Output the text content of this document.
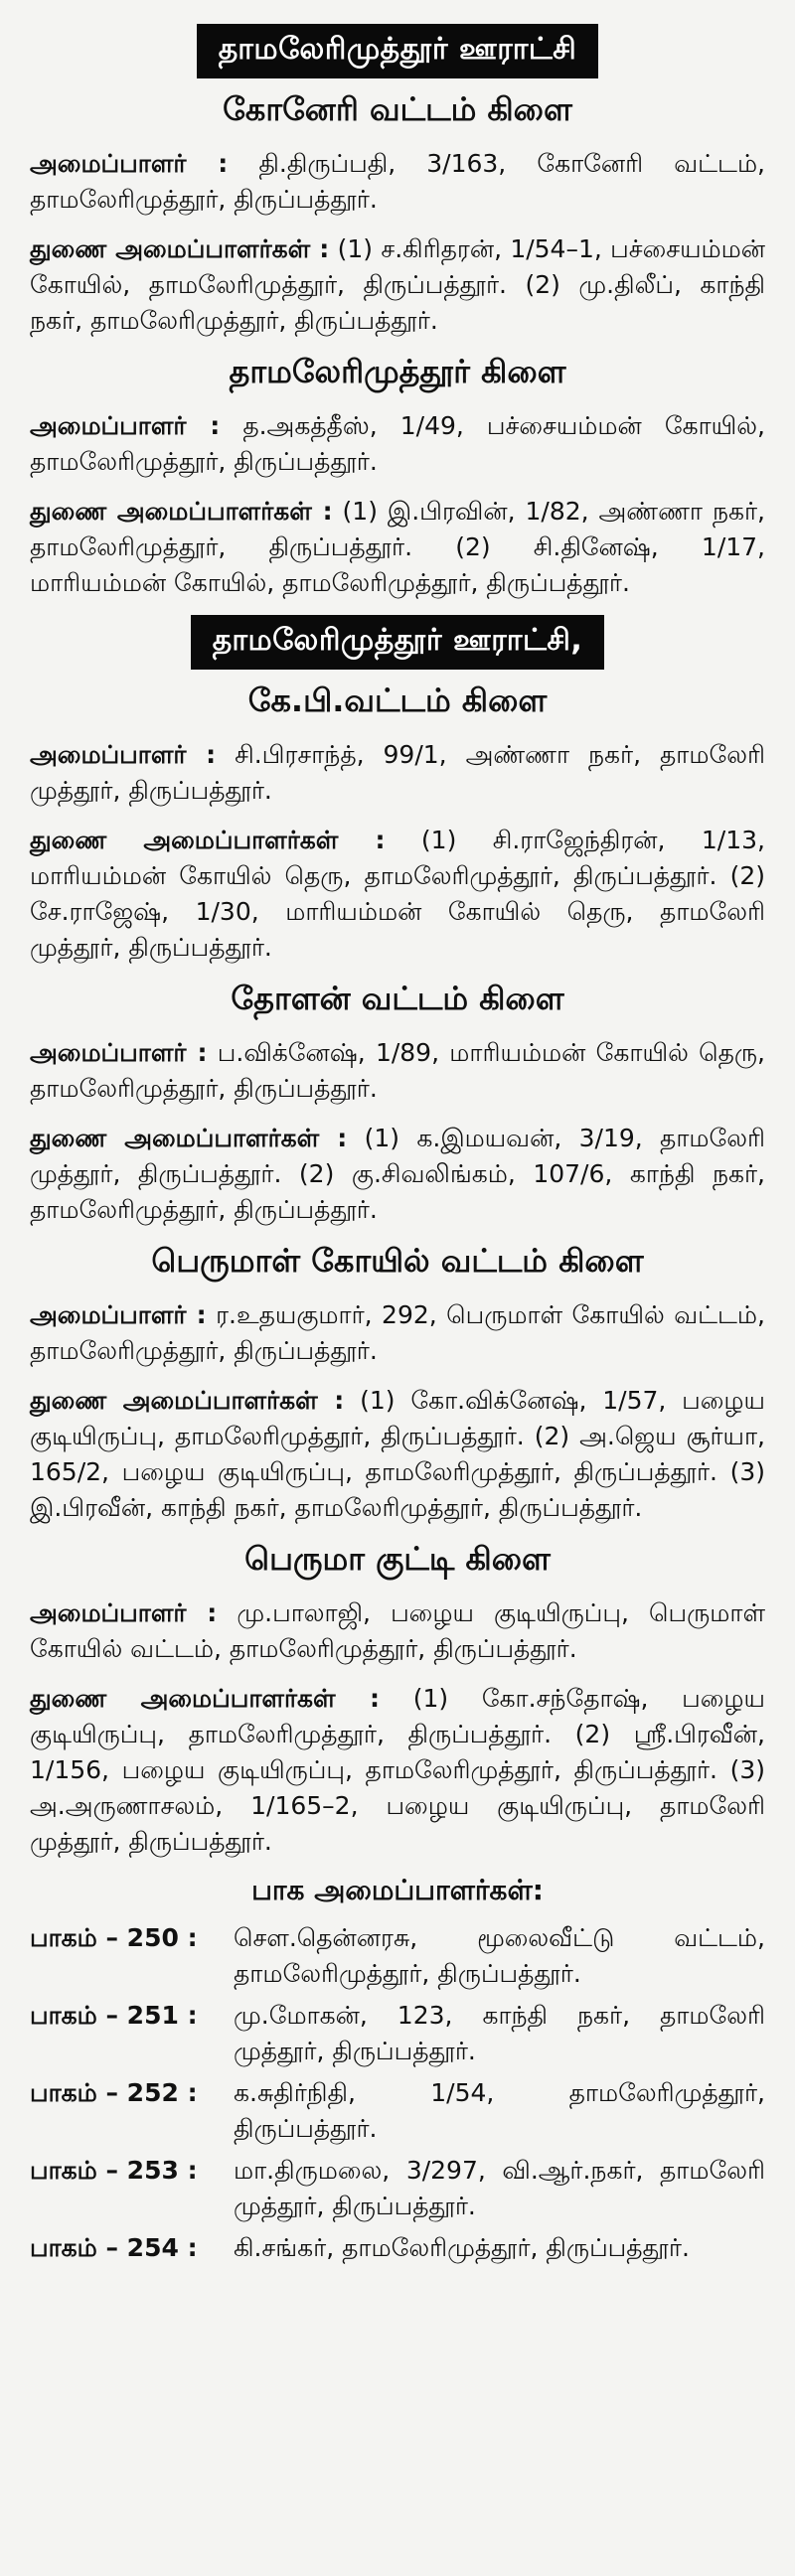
தாமலேரிமுத்தூர் ஊராட்சி
கோனேரி வட்டம் கிளை

அமைப்பாளர் : தி.திருப்பதி, 3/163, கோனேரி வட்டம், தாமலேரிமுத்தூர், திருப்பத்தூர்.

துணை அமைப்பாளர்கள் : (1) ச.கிரிதரன், 1/54–1, பச்சையம்மன் கோயில், தாமலேரிமுத்தூர், திருப்பத்தூர். (2) மு.திலீப், காந்தி நகர், தாமலேரிமுத்தூர், திருப்பத்தூர்.

தாமலேரிமுத்தூர் கிளை

அமைப்பாளர் : த.அகத்தீஸ், 1/49, பச்சையம்மன் கோயில், தாமலேரிமுத்தூர், திருப்பத்தூர்.

துணை அமைப்பாளர்கள் : (1) இ.பிரவின், 1/82, அண்ணா நகர், தாமலேரிமுத்தூர், திருப்பத்தூர். (2) சி.தினேஷ், 1/17, மாரியம்மன் கோயில், தாமலேரிமுத்தூர், திருப்பத்தூர்.

தாமலேரிமுத்தூர் ஊராட்சி,
கே.பி.வட்டம் கிளை

அமைப்பாளர் : சி.பிரசாந்த், 99/1, அண்ணா நகர், தாமலேரி முத்தூர், திருப்பத்தூர்.

துணை அமைப்பாளர்கள் : (1) சி.ராஜேந்திரன், 1/13, மாரியம்மன் கோயில் தெரு, தாமலேரிமுத்தூர், திருப்பத்தூர். (2) சே.ராஜேஷ், 1/30, மாரியம்மன் கோயில் தெரு, தாமலேரி முத்தூர், திருப்பத்தூர்.

தோளன் வட்டம் கிளை

அமைப்பாளர் : ப.விக்னேஷ், 1/89, மாரியம்மன் கோயில் தெரு, தாமலேரிமுத்தூர், திருப்பத்தூர்.

துணை அமைப்பாளர்கள் : (1) க.இமயவன், 3/19, தாமலேரி முத்தூர், திருப்பத்தூர். (2) கு.சிவலிங்கம், 107/6, காந்தி நகர், தாமலேரிமுத்தூர், திருப்பத்தூர்.

பெருமாள் கோயில் வட்டம் கிளை

அமைப்பாளர் : ர.உதயகுமார், 292, பெருமாள் கோயில் வட்டம், தாமலேரிமுத்தூர், திருப்பத்தூர்.

துணை அமைப்பாளர்கள் : (1) கோ.விக்னேஷ், 1/57, பழைய குடியிருப்பு, தாமலேரிமுத்தூர், திருப்பத்தூர். (2) அ.ஜெய சூர்யா, 165/2, பழைய குடியிருப்பு, தாமலேரிமுத்தூர், திருப்பத்தூர். (3) இ.பிரவீன், காந்தி நகர், தாமலேரிமுத்தூர், திருப்பத்தூர்.

பெருமா குட்டி கிளை

அமைப்பாளர் : மு.பாலாஜி, பழைய குடியிருப்பு, பெருமாள் கோயில் வட்டம், தாமலேரிமுத்தூர், திருப்பத்தூர்.

துணை அமைப்பாளர்கள் : (1) கோ.சந்தோஷ், பழைய குடியிருப்பு, தாமலேரிமுத்தூர், திருப்பத்தூர். (2) ஸ்ரீ.பிரவீன், 1/156, பழைய குடியிருப்பு, தாமலேரிமுத்தூர், திருப்பத்தூர். (3) அ.அருணாசலம், 1/165–2, பழைய குடியிருப்பு, தாமலேரி முத்தூர், திருப்பத்தூர்.

பாக அமைப்பாளர்கள்:
பாகம் – 250 :	சௌ.தென்னரசு, மூலைவீட்டு வட்டம், தாமலேரிமுத்தூர், திருப்பத்தூர்.
பாகம் – 251 :	மு.மோகன், 123, காந்தி நகர், தாமலேரி முத்தூர், திருப்பத்தூர்.
பாகம் – 252 :	க.சுதிர்நிதி, 1/54, தாமலேரிமுத்தூர், திருப்பத்தூர்.
பாகம் – 253 :	மா.திருமலை, 3/297, வி.ஆர்.நகர், தாமலேரி முத்தூர், திருப்பத்தூர்.
பாகம் – 254 :	கி.சங்கர், தாமலேரிமுத்தூர், திருப்பத்தூர்.
